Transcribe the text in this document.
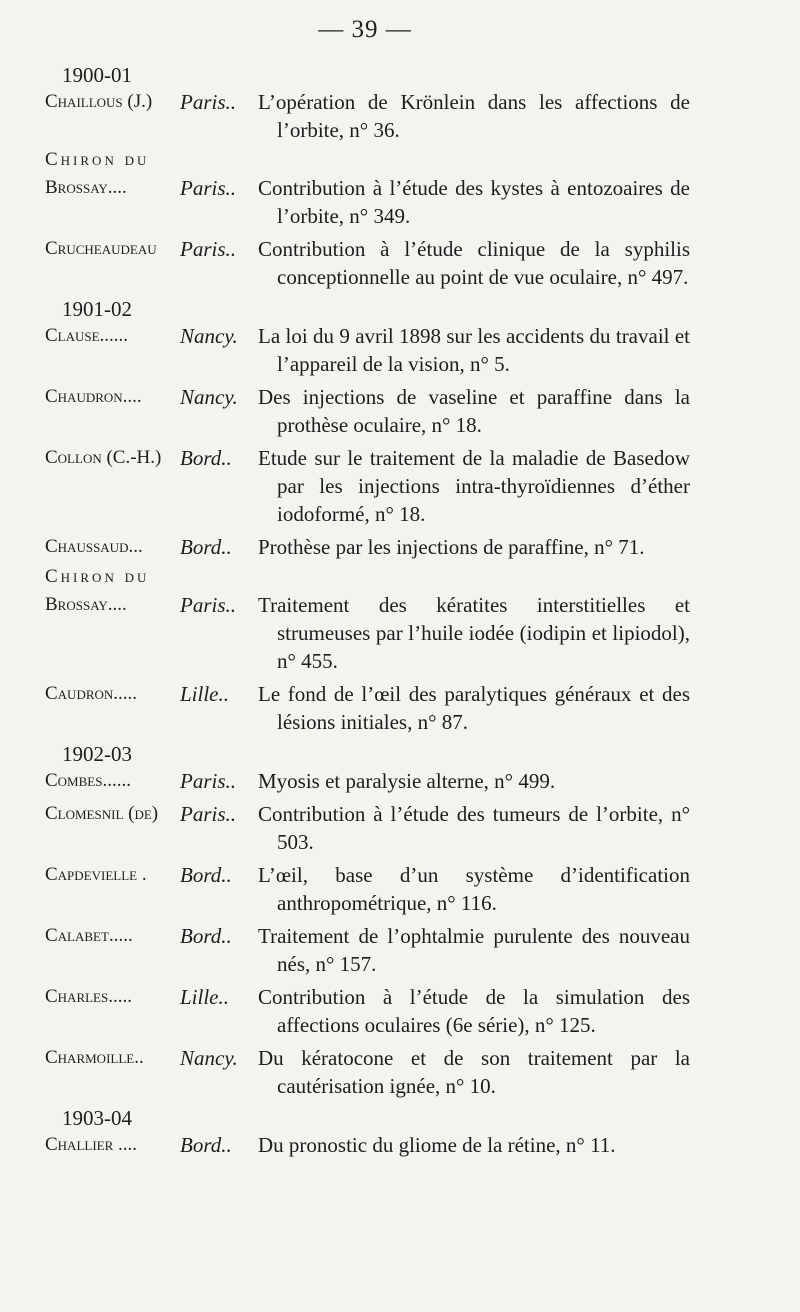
— 39 —
1900-01
Chaillous (J.)	Paris..	L’opération de Krönlein dans les affections de l’orbite, n° 36.
Chiron du
Brossay....	Paris..	Contribution à l’étude des kystes à entozoaires de l’orbite, n° 349.
Crucheaudeau	Paris..	Contribution à l’étude clinique de la syphilis conceptionnelle au point de vue oculaire, n° 497.
1901-02
Clause......	Nancy. La loi du 9 avril 1898 sur les accidents du travail et l’appareil de la vision, n° 5.
Chaudron....	Nancy. Des injections de vaseline et paraffine dans la prothèse oculaire, n° 18.
Collon (C.-H.) Bord..	Etude sur le traitement de la maladie de Basedow par les injections intra-thyroïdiennes d’éther iodoformé, n° 18.
Chaussaud...	Bord..	Prothèse par les injections de paraffine, n° 71.
Chiron du
Brossay....	Paris..	Traitement des kératites interstitielles et strumeuses par l’huile iodée (iodipin et lipiodol), n° 455.
Caudron.....	Lille..	Le fond de l’œil des paralytiques généraux et des lésions initiales, n° 87.
1902-03
Combes......	Paris..	Myosis et paralysie alterne, n° 499.
Clomesnil (de)	Paris..	Contribution à l’étude des tumeurs de l’orbite, n° 503.
Capdevielle .	Bord..	L’œil, base d’un système d’identification anthropométrique, n° 116.
Calabet.....	Bord..	Traitement de l’ophtalmie purulente des nouveau nés, n° 157.
Charles.....	Lille..	Contribution à l’étude de la simulation des affections oculaires (6e série), n° 125.
Charmoille..	Nancy. Du kératocone et de son traitement par la cautérisation ignée, n° 10.
1903-04
Challier ....	Bord..	Du pronostic du gliome de la rétine, n° 11.
